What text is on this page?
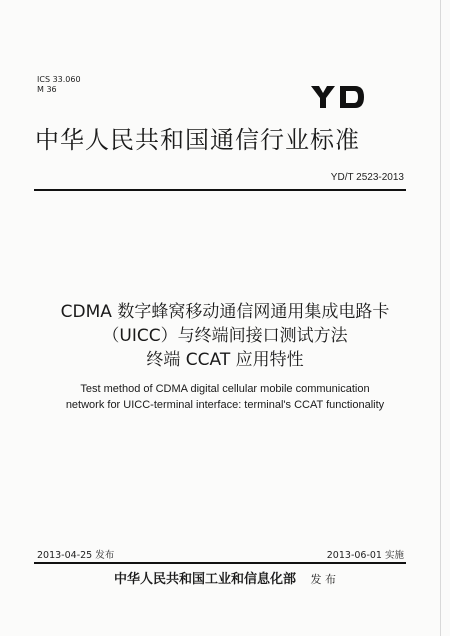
ICS 33.060
M 36
中华人民共和国通信行业标准
YD/T 2523-2013
CDMA 数字蜂窝移动通信网通用集成电路卡
（UICC）与终端间接口测试方法
终端 CCAT 应用特性
Test method of CDMA digital cellular mobile communication
network for UICC-terminal interface: terminal's CCAT functionality
2013-04-25 发布	2013-06-01 实施
中华人民共和国工业和信息化部 发 布
